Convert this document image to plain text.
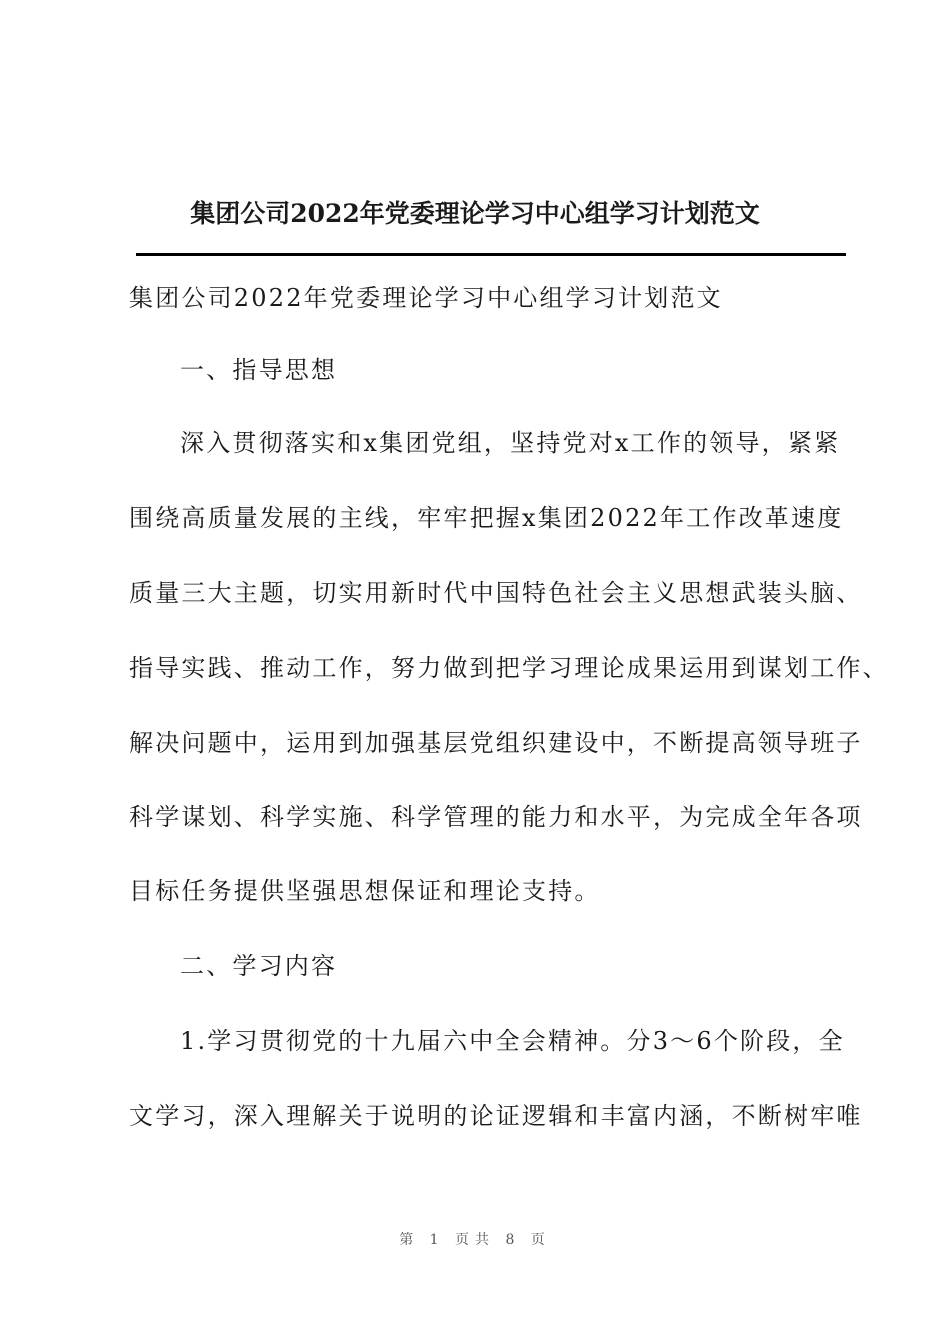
集团公司2022年党委理论学习中心组学习计划范文
集团公司2022年党委理论学习中心组学习计划范文
一、指导思想
深入贯彻落实和x集团党组，坚持党对x工作的领导，紧紧
围绕高质量发展的主线，牢牢把握x集团2022年工作改革速度
质量三大主题，切实用新时代中国特色社会主义思想武装头脑、
指导实践、推动工作，努力做到把学习理论成果运用到谋划工作、
解决问题中，运用到加强基层党组织建设中，不断提高领导班子
科学谋划、科学实施、科学管理的能力和水平，为完成全年各项
目标任务提供坚强思想保证和理论支持。
二、学习内容
1.学习贯彻党的十九届六中全会精神。分3～6个阶段，全
文学习，深入理解关于说明的论证逻辑和丰富内涵，不断树牢唯
第 1 页共 8 页
